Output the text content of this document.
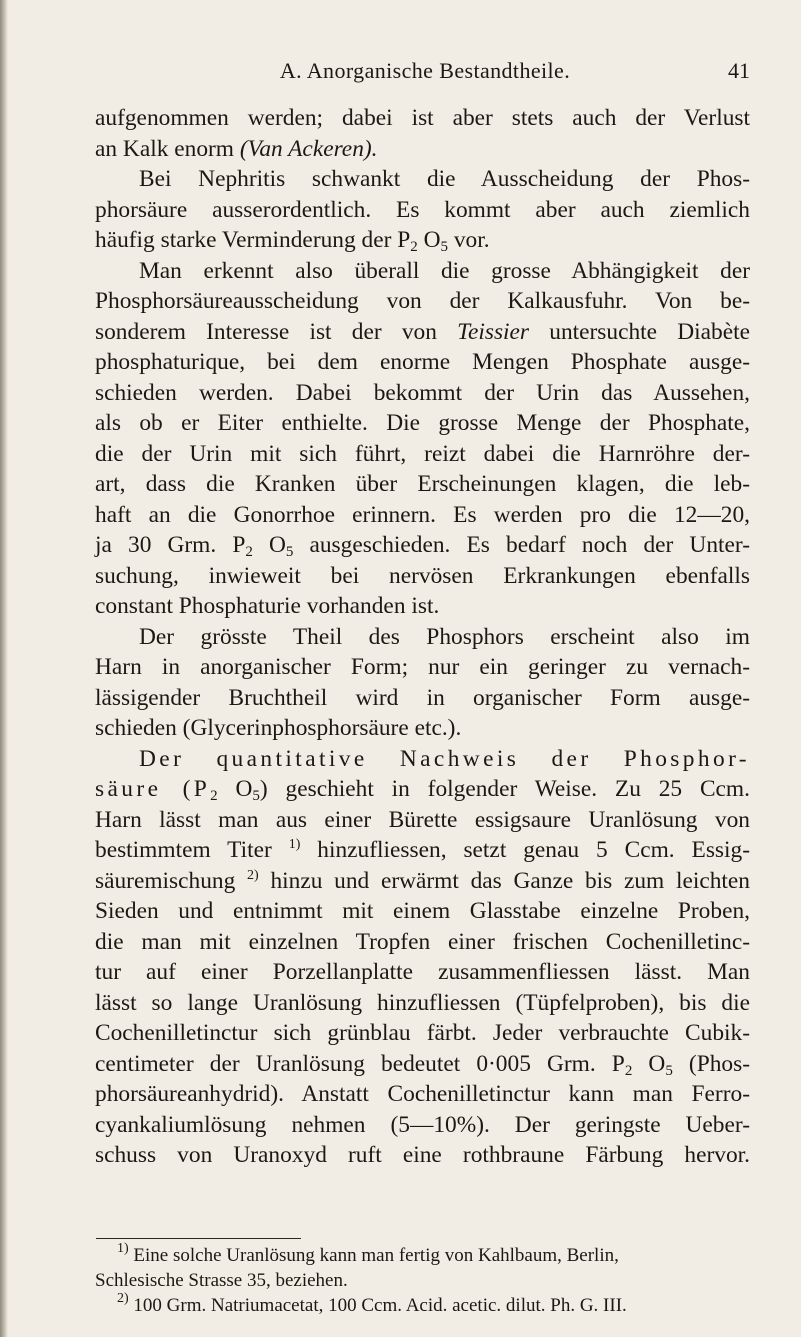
A. Anorganische Bestandtheile.	41
aufgenommen werden; dabei ist aber stets auch der Verlust
an Kalk enorm (Van Ackeren).
Bei Nephritis schwankt die Ausscheidung der Phos-
phorsäure ausserordentlich. Es kommt aber auch ziemlich
häufig starke Verminderung der $P_2$ $O_5$ vor.
Man erkennt also überall die grosse Abhängigkeit der
Phosphorsäureausscheidung von der Kalkausfuhr. Von be-
sonderem Interesse ist der von Teissier untersuchte Diabète
phosphaturique, bei dem enorme Mengen Phosphate ausge-
schieden werden. Dabei bekommt der Urin das Aussehen,
als ob er Eiter enthielte. Die grosse Menge der Phosphate,
die der Urin mit sich führt, reizt dabei die Harnröhre der-
art, dass die Kranken über Erscheinungen klagen, die leb-
haft an die Gonorrhoe erinnern. Es werden pro die 12—20,
ja 30 Grm. $P_2$ $O_5$ ausgeschieden. Es bedarf noch der Unter-
suchung, inwieweit bei nervösen Erkrankungen ebenfalls
constant Phosphaturie vorhanden ist.
Der grösste Theil des Phosphors erscheint also im
Harn in anorganischer Form; nur ein geringer zu vernach-
lässigender Bruchtheil wird in organischer Form ausge-
schieden (Glycerinphosphorsäure etc.).
Der quantitative Nachweis der Phosphor-
säure ($P_2$ $O_5$) geschieht in folgender Weise. Zu 25 Ccm.
Harn lässt man aus einer Bürette essigsaure Uranlösung von
bestimmtem Titer $^{1)}$ hinzufliessen, setzt genau 5 Ccm. Essig-
säuremischung $^{2)}$ hinzu und erwärmt das Ganze bis zum leichten
Sieden und entnimmt mit einem Glasstabe einzelne Proben,
die man mit einzelnen Tropfen einer frischen Cochenilletinc-
tur auf einer Porzellanplatte zusammenfliessen lässt. Man
lässt so lange Uranlösung hinzufliessen (Tüpfelproben), bis die
Cochenilletinctur sich grünblau färbt. Jeder verbrauchte Cubik-
centimeter der Uranlösung bedeutet 0·005 Grm. $P_2$ $O_5$ (Phos-
phorsäureanhydrid). Anstatt Cochenilletinctur kann man Ferro-
cyankaliumlösung nehmen (5—10%). Der geringste Ueber-
schuss von Uranoxyd ruft eine rothbraune Färbung hervor.
$^{1)}$ Eine solche Uranlösung kann man fertig von Kahlbaum, Berlin,
Schlesische Strasse 35, beziehen.
$^{2)}$ 100 Grm. Natriumacetat, 100 Ccm. Acid. acetic. dilut. Ph. G. III.
